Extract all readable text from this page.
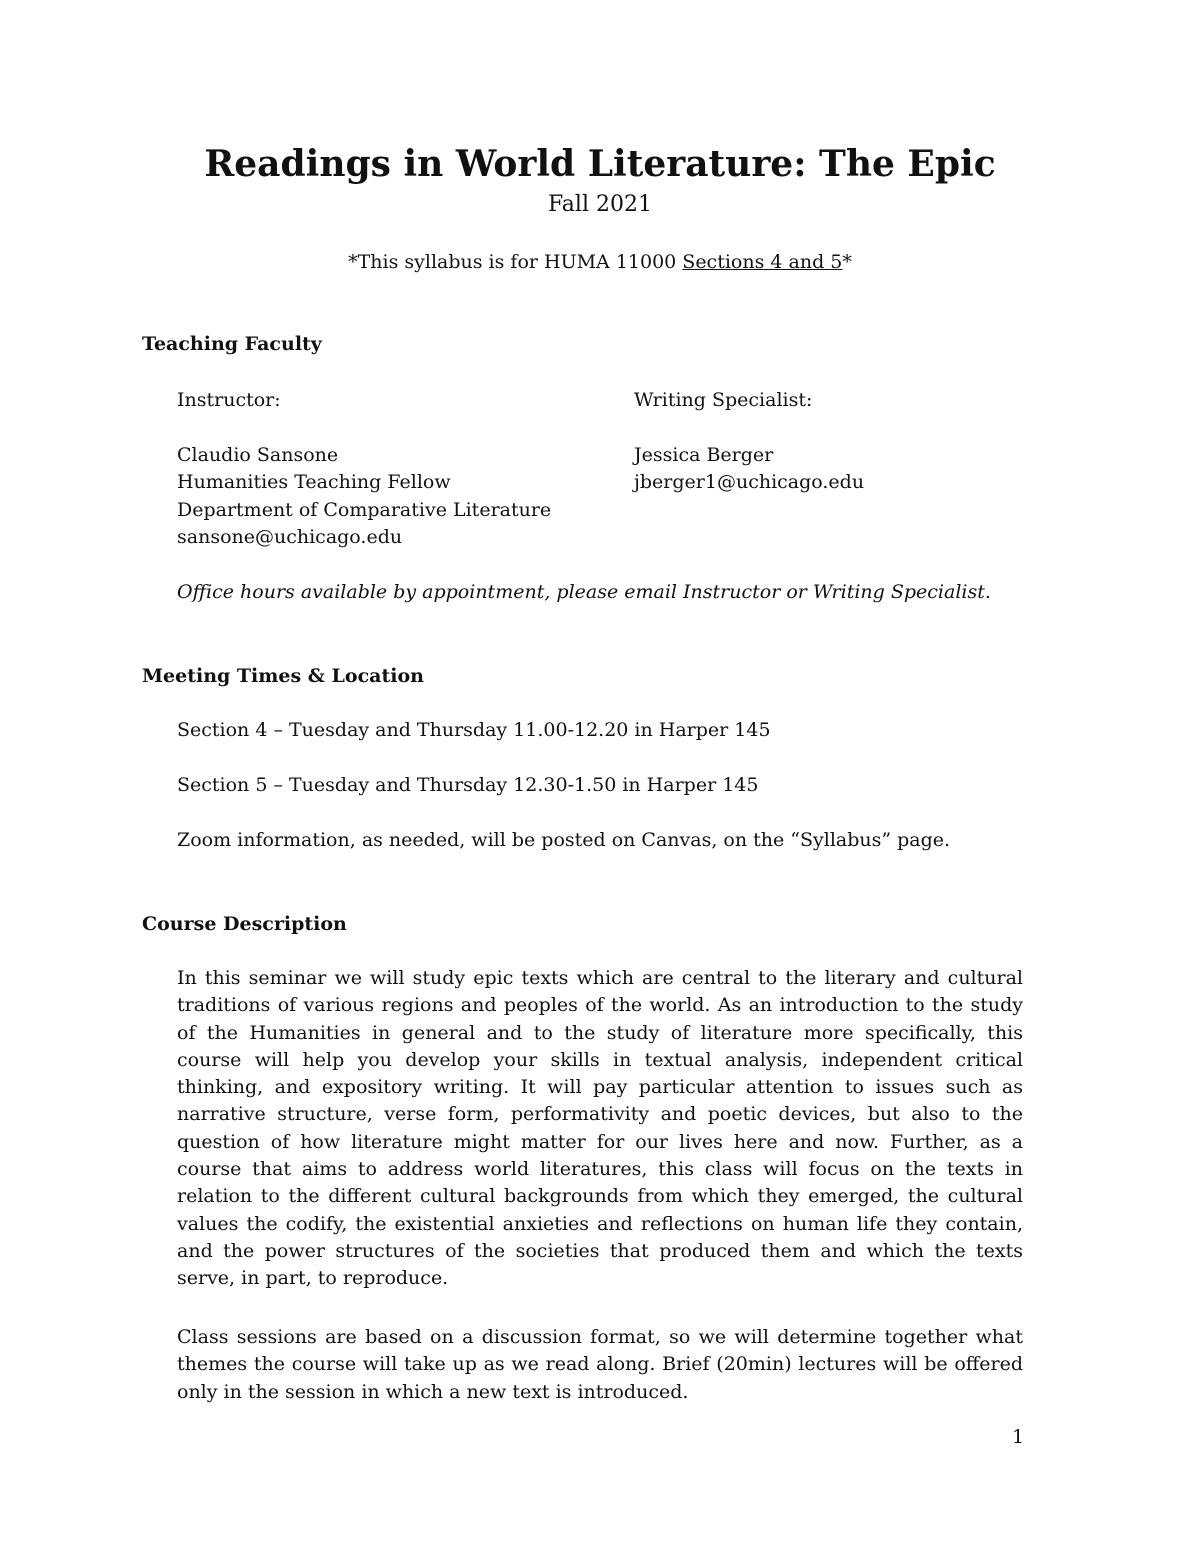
Readings in World Literature: The Epic
Fall 2021
*This syllabus is for HUMA 11000 Sections 4 and 5*
Teaching Faculty
Instructor:	Writing Specialist:
Claudio Sansone
Humanities Teaching Fellow
Department of Comparative Literature
sansone@uchicago.edu
Jessica Berger
jberger1@uchicago.edu
Office hours available by appointment, please email Instructor or Writing Specialist.
Meeting Times & Location
Section 4 – Tuesday and Thursday 11.00-12.20 in Harper 145
Section 5 – Tuesday and Thursday 12.30-1.50 in Harper 145
Zoom information, as needed, will be posted on Canvas, on the “Syllabus” page.
Course Description
In this seminar we will study epic texts which are central to the literary and cultural traditions of various regions and peoples of the world. As an introduction to the study of the Humanities in general and to the study of literature more specifically, this course will help you develop your skills in textual analysis, independent critical thinking, and expository writing. It will pay particular attention to issues such as narrative structure, verse form, performativity and poetic devices, but also to the question of how literature might matter for our lives here and now. Further, as a course that aims to address world literatures, this class will focus on the texts in relation to the different cultural backgrounds from which they emerged, the cultural values the codify, the existential anxieties and reflections on human life they contain, and the power structures of the societies that produced them and which the texts serve, in part, to reproduce.
Class sessions are based on a discussion format, so we will determine together what themes the course will take up as we read along. Brief (20min) lectures will be offered only in the session in which a new text is introduced.
1
